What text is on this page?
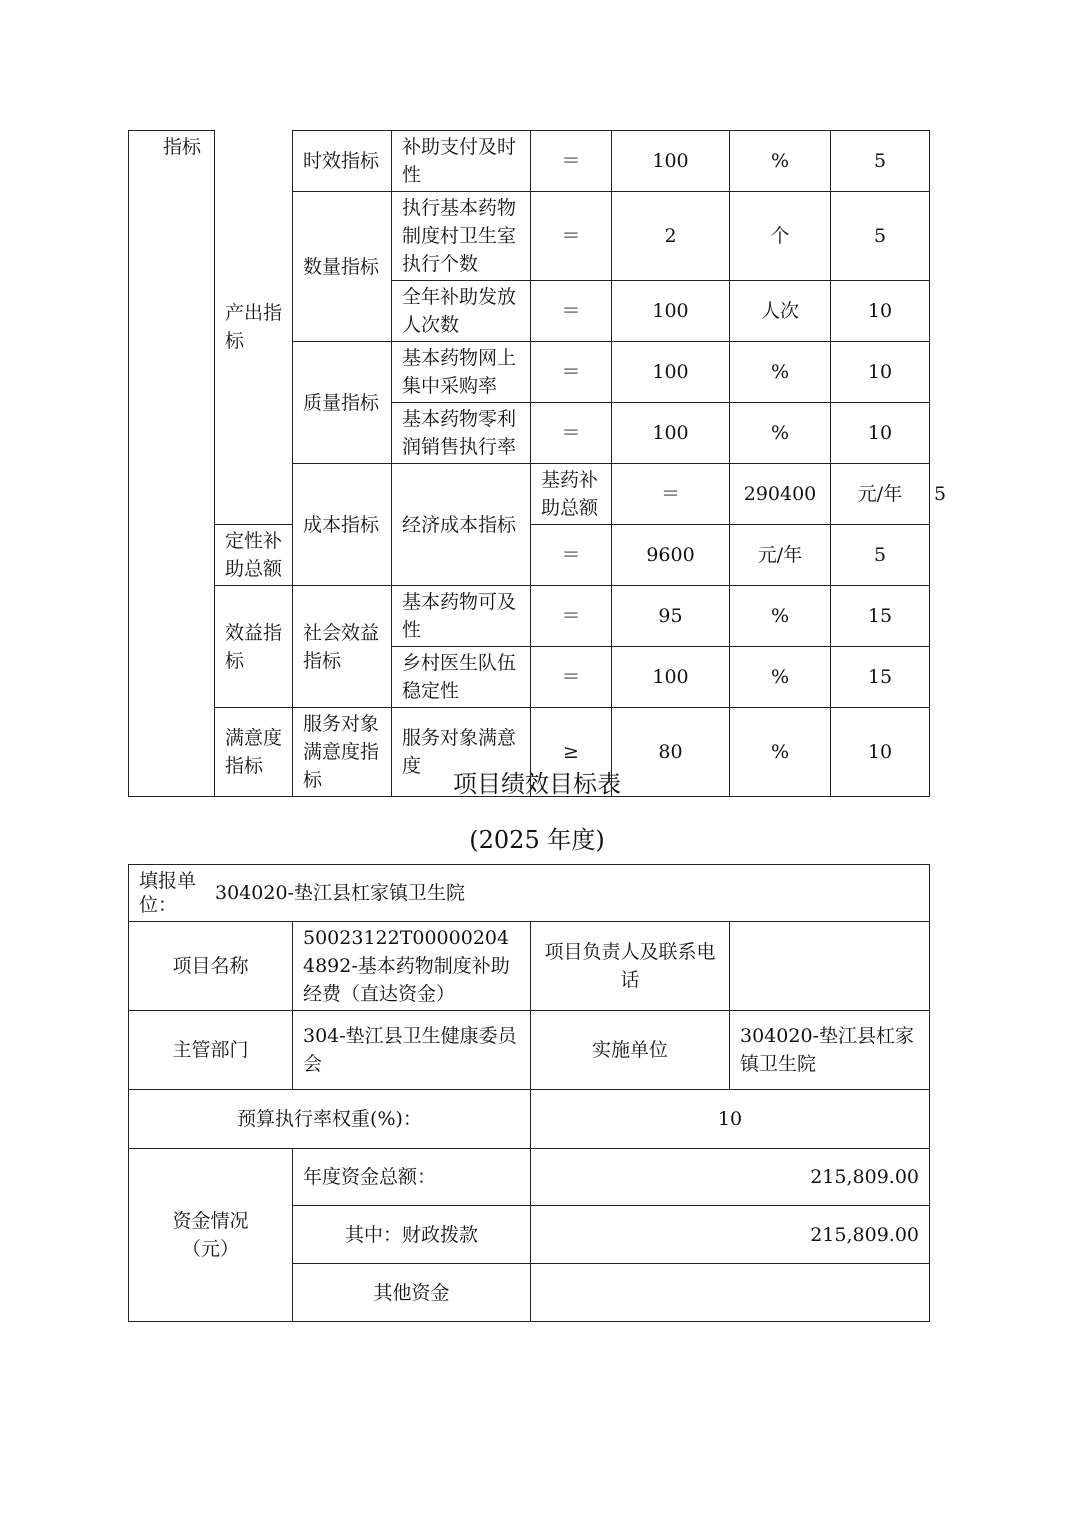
指标	产出指标	时效指标	补助支付及时性	＝	100	%	5	
		数量指标	执行基本药物制度村卫生室执行个数	＝	2	个	5	
			全年补助发放人次数	＝	100	人次	10	
		质量指标	基本药物网上集中采购率	＝	100	%	10	
			基本药物零利润销售执行率	＝	100	%	10	
		成本指标	经济成本指标	基药补助总额	＝	290400	元/年	5
	定性补助总额			＝	9600	元/年	5	
	效益指标	社会效益指标	基本药物可及性	＝	95	%	15	
			乡村医生队伍稳定性	＝	100	%	15	
	满意度指标	服务对象满意度指标	服务对象满意度	≥	80	%	10	
项目绩效目标表
(2025 年度)
填报单位：
304020-垫江县杠家镇卫生院			

项目名称	50023122T000002044892-基本药物制度补助经费（直达资金）	项目负责人及联系电话	
主管部门	304-垫江县卫生健康委员会	实施单位	304020-垫江县杠家镇卫生院
预算执行率权重(%)：		10	
资金情况（元）	年度资金总额：	215,809.00	
	其中：财政拨款	215,809.00	
	其他资金		
